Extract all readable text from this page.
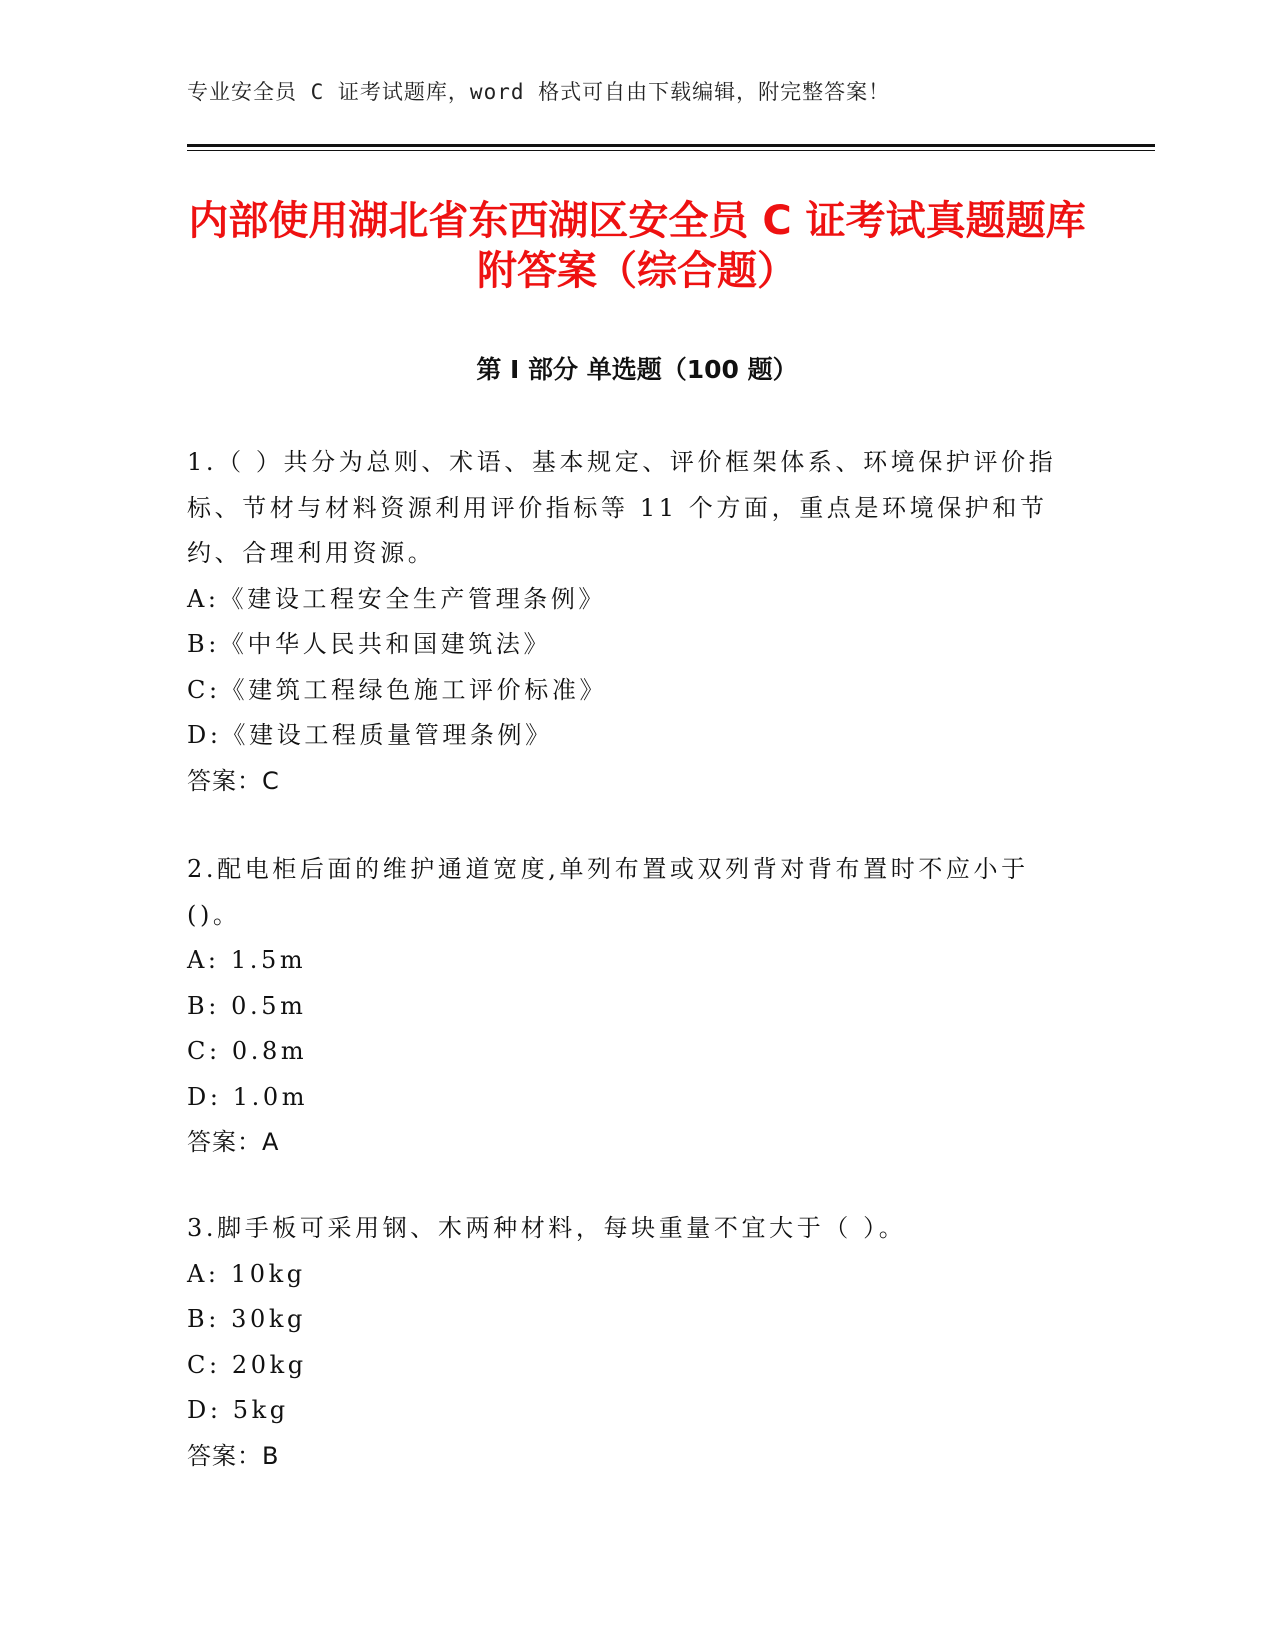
专业安全员 C 证考试题库，word 格式可自由下载编辑，附完整答案！
内部使用湖北省东西湖区安全员 C 证考试真题题库附答案（综合题）
第 I 部分 单选题（100 题）

1.（ ）共分为总则、术语、基本规定、评价框架体系、环境保护评价指标、节材与材料资源利用评价指标等 11 个方面，重点是环境保护和节约、合理利用资源。

A:《建设工程安全生产管理条例》

B:《中华人民共和国建筑法》

C:《建筑工程绿色施工评价标准》

D:《建设工程质量管理条例》

答案：C

2.配电柜后面的维护通道宽度,单列布置或双列背对背布置时不应小于()。

A: 1.5m

B: 0.5m

C: 0.8m

D: 1.0m

答案：A

3.脚手板可采用钢、木两种材料，每块重量不宜大于（ ）。

A: 10kg

B: 30kg

C: 20kg

D: 5kg

答案：B
